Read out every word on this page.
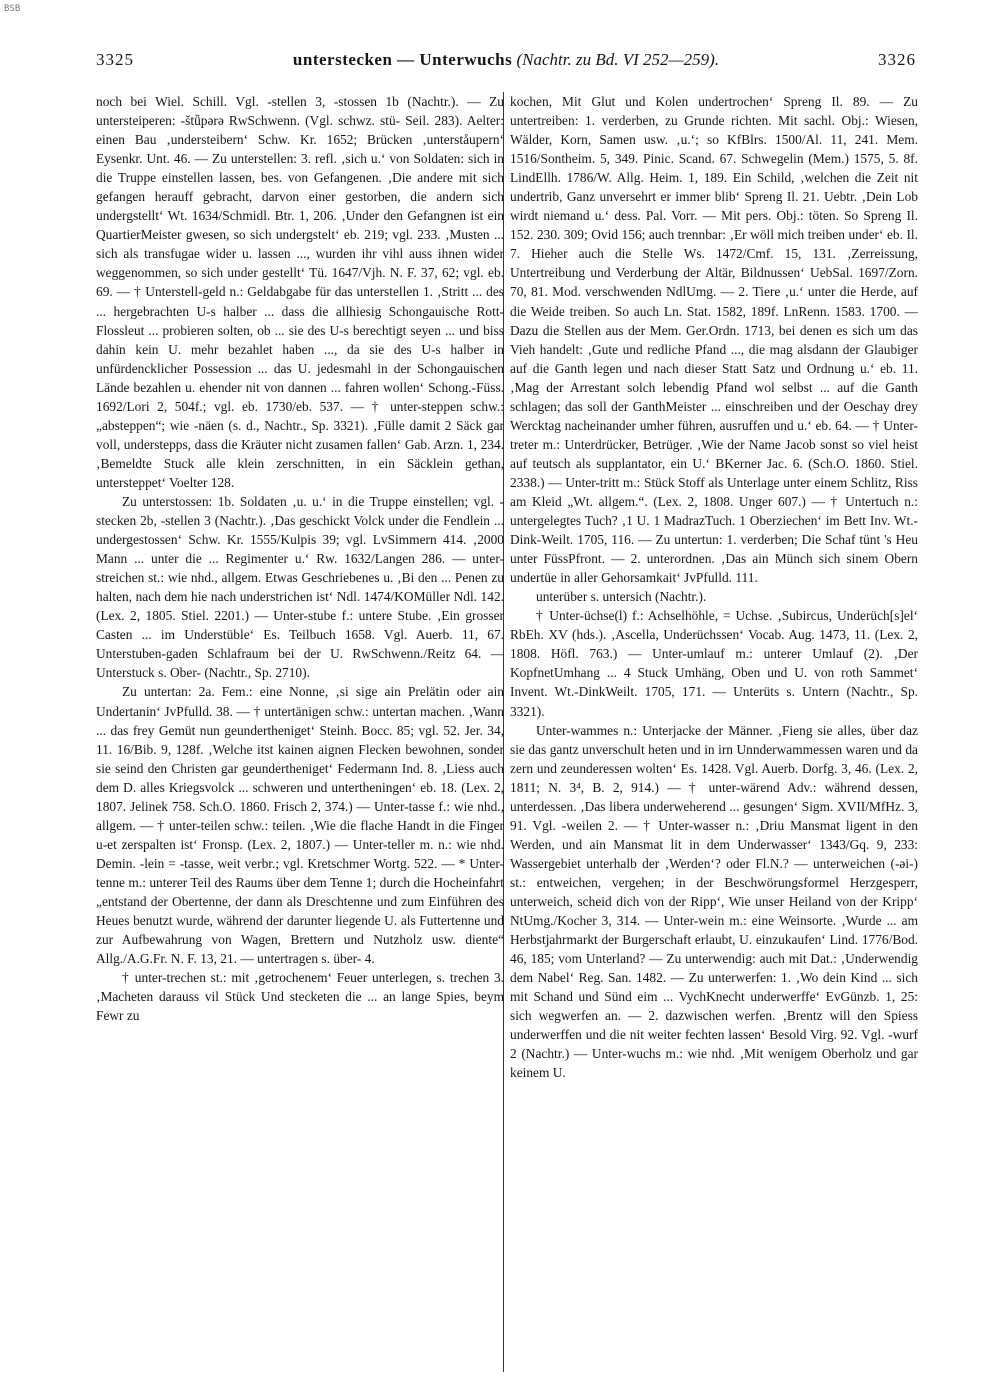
BSB
3325	unterstecken — Unterwuchs (Nachtr. zu Bd. VI 252—259).	3326

noch bei Wiel. Schill. Vgl. -stellen 3, -stossen 1b (Nachtr.). — Zu untersteiperen: -štǖpərə RwSchwenn. (Vgl. schwz. stü- Seil. 283). Aelter: einen Bau ‚understeibern‘ Schw. Kr. 1652; Brücken ‚unterståupern‘ Eysenkr. Unt. 46. — Zu unterstellen: 3. refl. ‚sich u.‘ von Soldaten: sich in die Truppe einstellen lassen, bes. von Gefangenen. ‚Die andere mit sich gefangen herauff gebracht, darvon einer gestorben, die andern sich undergstellt‘ Wt. 1634/Schmidl. Btr. 1, 206. ‚Under den Gefangnen ist ein QuartierMeister gwesen, so sich undergstelt‘ eb. 219; vgl. 233. ‚Musten ... sich als transfugae wider u. lassen ..., wurden ihr vihl auss ihnen wider weggenommen, so sich under gestellt‘ Tü. 1647/Vjh. N. F. 37, 62; vgl. eb. 69. — † Unterstell-geld n.: Geldabgabe für das unterstellen 1. ‚Stritt ... des ... hergebrachten U-s halber ... dass die allhiesig Schongauische Rott-Flossleut ... probieren solten, ob ... sie des U-s berechtigt seyen ... und biss dahin kein U. mehr bezahlet haben ..., da sie des U-s halber in unfürdencklicher Possession ... das U. jedesmahl in der Schongauischen Lände bezahlen u. ehender nit von dannen ... fahren wollen‘ Schong.-Füss. 1692/Lori 2, 504f.; vgl. eb. 1730/eb. 537. — † unter-steppen schw.: „absteppen“; wie -näen (s. d., Nachtr., Sp. 3321). ‚Fülle damit 2 Säck gar voll, understepps, dass die Kräuter nicht zusamen fallen‘ Gab. Arzn. 1, 234. ‚Bemeldte Stuck alle klein zerschnitten, in ein Säcklein gethan, untersteppet‘ Voelter 128.

Zu unterstossen: 1b. Soldaten ‚u. u.‘ in die Truppe einstellen; vgl. -stecken 2b, -stellen 3 (Nachtr.). ‚Das geschickt Volck under die Fendlein ... undergestossen‘ Schw. Kr. 1555/Kulpis 39; vgl. LvSimmern 414. ‚2000 Mann ... unter die ... Regimenter u.‘ Rw. 1632/Langen 286. — unter-streichen st.: wie nhd., allgem. Etwas Geschriebenes u. ‚Bi den ... Penen zu halten, nach dem hie nach understrichen ist‘ Ndl. 1474/KOMüller Ndl. 142. (Lex. 2, 1805. Stiel. 2201.) — Unter-stube f.: untere Stube. ‚Ein grosser Casten ... im Understüble‘ Es. Teilbuch 1658. Vgl. Auerb. 11, 67. Unterstuben-gaden Schlafraum bei der U. RwSchwenn./Reitz 64. — Unterstuck s. Ober- (Nachtr., Sp. 2710).

Zu untertan: 2a. Fem.: eine Nonne, ‚si sige ain Prelätin oder ain Undertanin‘ JvPfulld. 38. — † untertänigen schw.: untertan machen. ‚Wann ... das frey Gemüt nun geundertheniget‘ Steinh. Bocc. 85; vgl. 52. Jer. 34, 11. 16/Bib. 9, 128f. ‚Welche itst kainen aignen Flecken bewohnen, sonder sie seind den Christen gar geundertheniget‘ Federmann Ind. 8. ‚Liess auch dem D. alles Kriegsvolck ... schweren und untertheningen‘ eb. 18. (Lex. 2, 1807. Jelinek 758. Sch.O. 1860. Frisch 2, 374.) — Unter-tasse f.: wie nhd., allgem. — † unter-teilen schw.: teilen. ‚Wie die flache Handt in die Finger u-et zerspalten ist‘ Fronsp. (Lex. 2, 1807.) — Unter-teller m. n.: wie nhd. Demin. -lein = -tasse, weit verbr.; vgl. Kretschmer Wortg. 522. — * Unter-tenne m.: unterer Teil des Raums über dem Tenne 1; durch die Hocheinfahrt „entstand der Obertenne, der dann als Dreschtenne und zum Einführen des Heues benutzt wurde, während der darunter liegende U. als Futtertenne und zur Aufbewahrung von Wagen, Brettern und Nutzholz usw. diente“ Allg./A.G.Fr. N. F. 13, 21. — untertragen s. über- 4.

† unter-trechen st.: mit ‚getrochenem‘ Feuer unterlegen, s. trechen 3. ‚Macheten darauss vil Stück Und stecketen die ... an lange Spies, beym Fewr zu

kochen, Mit Glut und Kolen undertrochen‘ Spreng Il. 89. — Zu untertreiben: 1. verderben, zu Grunde richten. Mit sachl. Obj.: Wiesen, Wälder, Korn, Samen usw. ‚u.‘; so KfBlrs. 1500/Al. 11, 241. Mem. 1516/Sontheim. 5, 349. Pinic. Scand. 67. Schwegelin (Mem.) 1575, 5. 8f. LindEllh. 1786/W. Allg. Heim. 1, 189. Ein Schild, ‚welchen die Zeit nit undertrib, Ganz unversehrt er immer blib‘ Spreng Il. 21. Uebtr. ‚Dein Lob wirdt niemand u.‘ dess. Pal. Vorr. — Mit pers. Obj.: töten. So Spreng Il. 152. 230. 309; Ovid 156; auch trennbar: ‚Er wöll mich treiben under‘ eb. Il. 7. Hieher auch die Stelle Ws. 1472/Cmf. 15, 131. ‚Zerreissung, Untertreibung und Verderbung der Altär, Bildnussen‘ UebSal. 1697/Zorn. 70, 81. Mod. verschwenden NdlUmg. — 2. Tiere ‚u.‘ unter die Herde, auf die Weide treiben. So auch Ln. Stat. 1582, 189f. LnRenn. 1583. 1700. — Dazu die Stellen aus der Mem. Ger.Ordn. 1713, bei denen es sich um das Vieh handelt: ‚Gute und redliche Pfand ..., die mag alsdann der Glaubiger auf die Ganth legen und nach dieser Statt Satz und Ordnung u.‘ eb. 11. ‚Mag der Arrestant solch lebendig Pfand wol selbst ... auf die Ganth schlagen; das soll der GanthMeister ... einschreiben und der Oeschay drey Wercktag nacheinander umher führen, ausruffen und u.‘ eb. 64. — † Unter-treter m.: Unterdrücker, Betrüger. ‚Wie der Name Jacob sonst so viel heist auf teutsch als supplantator, ein U.‘ BKerner Jac. 6. (Sch.O. 1860. Stiel. 2338.) — Unter-tritt m.: Stück Stoff als Unterlage unter einem Schlitz, Riss am Kleid „Wt. allgem.“. (Lex. 2, 1808. Unger 607.) — † Untertuch n.: untergelegtes Tuch? ‚1 U. 1 MadrazTuch. 1 Oberziechen‘ im Bett Inv. Wt.-Dink-Weilt. 1705, 116. — Zu untertun: 1. verderben; Die Schaf tünt 's Heu unter FüssPfront. — 2. unterordnen. ‚Das ain Münch sich sinem Obern undertüe in aller Gehorsamkait‘ JvPfulld. 111.

unterüber s. untersich (Nachtr.).

† Unter-üchse(l) f.: Achselhöhle, = Uchse. ‚Subircus, Underüch[s]el‘ RbEh. XV (hds.). ‚Ascella, Underüchssen‘ Vocab. Aug. 1473, 11. (Lex. 2, 1808. Höfl. 763.) — Unter-umlauf m.: unterer Umlauf (2). ‚Der KopfnetUmhang ... 4 Stuck Umhäng, Oben und U. von roth Sammet‘ Invent. Wt.-DinkWeilt. 1705, 171. — Unterüts s. Untern (Nachtr., Sp. 3321).

Unter-wammes n.: Unterjacke der Männer. ‚Fieng sie alles, über daz sie das gantz unverschult heten und in irn Unnderwammessen waren und da zern und zeunderessen wolten‘ Es. 1428. Vgl. Auerb. Dorfg. 3, 46. (Lex. 2, 1811; N. 3⁴, B. 2, 914.) — † unter-wärend Adv.: während dessen, unterdessen. ‚Das libera underweherend ... gesungen‘ Sigm. XVII/MfHz. 3, 91. Vgl. -weilen 2. — † Unter-wasser n.: ‚Driu Mansmat ligent in den Werden, und ain Mansmat lit in dem Underwasser‘ 1343/Gq. 9, 233: Wassergebiet unterhalb der ‚Werden‘? oder Fl.N.? — unterweichen (-əi-) st.: entweichen, vergehen; in der Beschwörungsformel Herzgesperr, unterweich, scheid dich von der Ripp‘, Wie unser Heiland von der Kripp‘ NtUmg./Kocher 3, 314. — Unter-wein m.: eine Weinsorte. ‚Wurde ... am Herbstjahrmarkt der Burgerschaft erlaubt, U. einzukaufen‘ Lind. 1776/Bod. 46, 185; vom Unterland? — Zu unterwendig: auch mit Dat.: ‚Underwendig dem Nabel‘ Reg. San. 1482. — Zu unterwerfen: 1. ‚Wo dein Kind ... sich mit Schand und Sünd eim ... VychKnecht underwerffe‘ EvGünzb. 1, 25: sich wegwerfen an. — 2. dazwischen werfen. ‚Brentz will den Spiess underwerffen und die nit weiter fechten lassen‘ Besold Virg. 92. Vgl. -wurf 2 (Nachtr.) — Unter-wuchs m.: wie nhd. ‚Mit wenigem Oberholz und gar keinem U.
